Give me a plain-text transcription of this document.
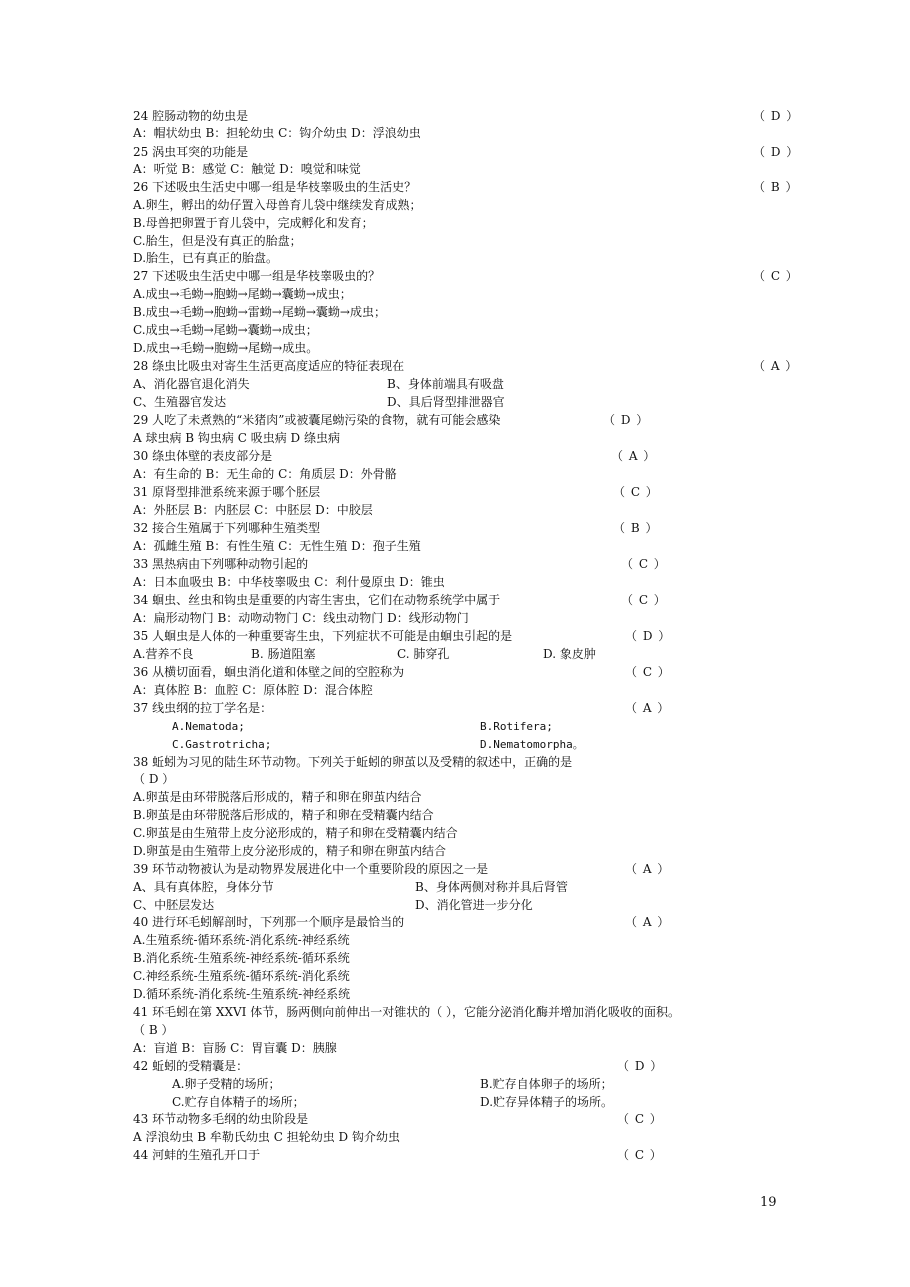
24 腔肠动物的幼虫是	（ D ）
A：帽状幼虫 B：担轮幼虫 C：钩介幼虫 D：浮浪幼虫
25 涡虫耳突的功能是	（ D ）
A：听觉 B：感觉 C：触觉 D：嗅觉和味觉
26 下述吸虫生活史中哪一组是华枝睾吸虫的生活史？	（ B ）
A.卵生，孵出的幼仔置入母兽育儿袋中继续发育成熟；
B.母兽把卵置于育儿袋中，完成孵化和发育；
C.胎生，但是没有真正的胎盘；
D.胎生，已有真正的胎盘。
27 下述吸虫生活史中哪一组是华枝睾吸虫的？	（ C ）
A.成虫→毛蚴→胞蚴→尾蚴→囊蚴→成虫；
B.成虫→毛蚴→胞蚴→雷蚴→尾蚴→囊蚴→成虫；
C.成虫→毛蚴→尾蚴→囊蚴→成虫；
D.成虫→毛蚴→胞蚴→尾蚴→成虫。
28 绦虫比吸虫对寄生生活更高度适应的特征表现在	（ A ）
A、消化器官退化消失	B、身体前端具有吸盘
C、生殖器官发达	D、具后肾型排泄器官
29 人吃了未煮熟的“米猪肉”或被囊尾蚴污染的食物，就有可能会感染	（ D ）
A 球虫病 B 钩虫病 C 吸虫病 D 绦虫病
30 绦虫体壁的表皮部分是	（ A ）
A：有生命的 B：无生命的 C：角质层 D：外骨骼
31 原肾型排泄系统来源于哪个胚层	（ C ）
A：外胚层 B：内胚层 C：中胚层 D：中胶层
32 接合生殖属于下列哪种生殖类型	（ B ）
A：孤雌生殖 B：有性生殖 C：无性生殖 D：孢子生殖
33 黑热病由下列哪种动物引起的	（ C ）
A：日本血吸虫 B：中华枝睾吸虫 C：利什曼原虫 D：锥虫
34 蛔虫、丝虫和钩虫是重要的内寄生害虫，它们在动物系统学中属于	（ C ）
A：扁形动物门 B：动吻动物门 C：线虫动物门 D：线形动物门
35 人蛔虫是人体的一种重要寄生虫，下列症状不可能是由蛔虫引起的是	（ D ）
A.营养不良	B. 肠道阻塞	C. 肺穿孔	D. 象皮肿
36 从横切面看，蛔虫消化道和体壁之间的空腔称为	（ C ）
A：真体腔 B：血腔 C：原体腔 D：混合体腔
37 线虫纲的拉丁学名是：	（ A ）
A.Nematoda;	B.Rotifera;
C.Gastrotricha;	D.Nematomorpha。
38 蚯蚓为习见的陆生环节动物。下列关于蚯蚓的卵茧以及受精的叙述中，正确的是
（ D ）
A.卵茧是由环带脱落后形成的，精子和卵在卵茧内结合
B.卵茧是由环带脱落后形成的，精子和卵在受精囊内结合
C.卵茧是由生殖带上皮分泌形成的，精子和卵在受精囊内结合
D.卵茧是由生殖带上皮分泌形成的，精子和卵在卵茧内结合
39 环节动物被认为是动物界发展进化中一个重要阶段的原因之一是	（ A ）
A、具有真体腔，身体分节	B、身体两侧对称并具后肾管
C、中胚层发达	D、消化管进一步分化
40 进行环毛蚓解剖时，下列那一个顺序是最恰当的	（ A ）
A.生殖系统-循环系统-消化系统-神经系统
B.消化系统-生殖系统-神经系统-循环系统
C.神经系统-生殖系统-循环系统-消化系统
D.循环系统-消化系统-生殖系统-神经系统
41 环毛蚓在第 XXVI 体节，肠两侧向前伸出一对锥状的（ ），它能分泌消化酶并增加消化吸收的面积。
（ B ）
A：盲道 B：盲肠 C：胃盲囊 D：胰腺
42 蚯蚓的受精囊是：	（ D ）
A.卵子受精的场所；	B.贮存自体卵子的场所；
C.贮存自体精子的场所；	D.贮存异体精子的场所。
43 环节动物多毛纲的幼虫阶段是	（ C ）
A 浮浪幼虫 B 牟勒氏幼虫 C 担轮幼虫 D 钩介幼虫
44 河蚌的生殖孔开口于	（ C ）
19
